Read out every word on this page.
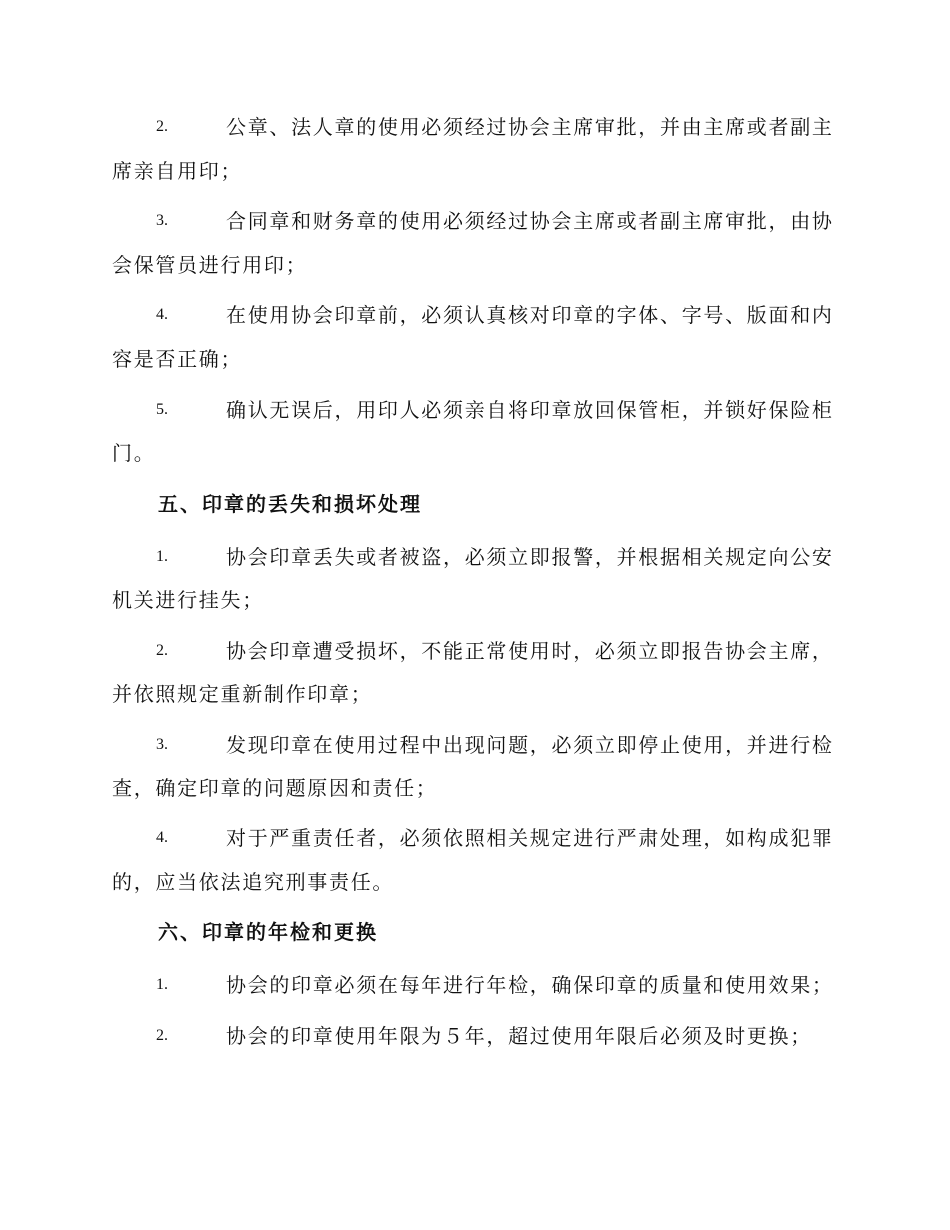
2.	公章、法人章的使用必须经过协会主席审批，并由主席或者副主
席亲自用印；
3.	合同章和财务章的使用必须经过协会主席或者副主席审批，由协
会保管员进行用印；
4.	在使用协会印章前，必须认真核对印章的字体、字号、版面和内
容是否正确；
5.	确认无误后，用印人必须亲自将印章放回保管柜，并锁好保险柜
门。
五、印章的丢失和损坏处理
1.	协会印章丢失或者被盗，必须立即报警，并根据相关规定向公安
机关进行挂失；
2.	协会印章遭受损坏，不能正常使用时，必须立即报告协会主席，
并依照规定重新制作印章；
3.	发现印章在使用过程中出现问题，必须立即停止使用，并进行检
查，确定印章的问题原因和责任；
4.	对于严重责任者，必须依照相关规定进行严肃处理，如构成犯罪
的，应当依法追究刑事责任。
六、印章的年检和更换
1.	协会的印章必须在每年进行年检，确保印章的质量和使用效果；
2.	协会的印章使用年限为５年，超过使用年限后必须及时更换；
